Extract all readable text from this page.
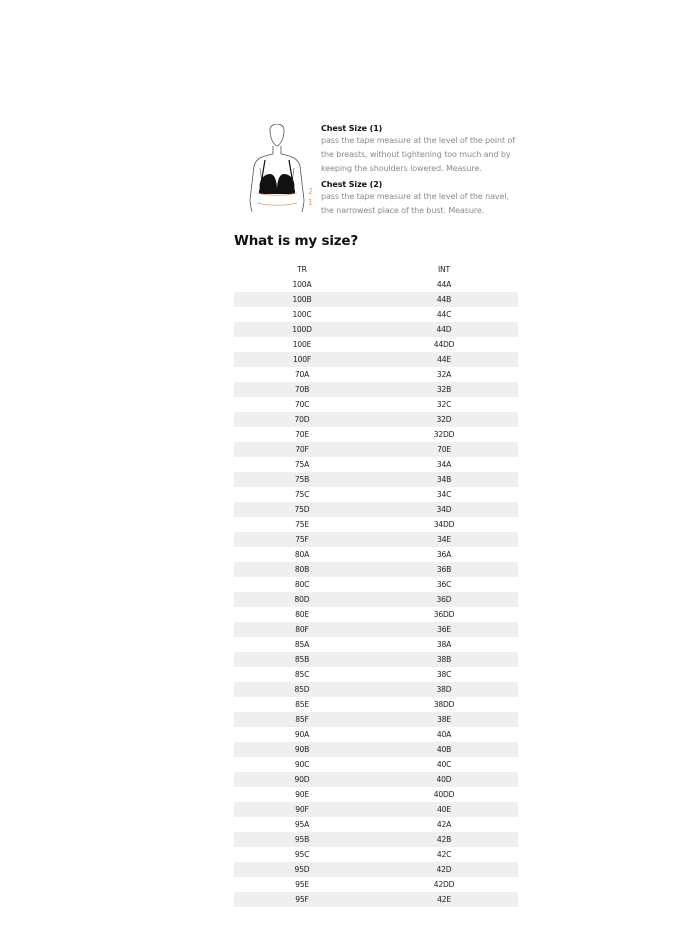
2
1
Chest Size (1)
pass the tape measure at the level of the point of
the breasts, without tightening too much and by
keeping the shoulders lowered. Measure.
Chest Size (2)
pass the tape measure at the level of the navel,
the narrowest place of the bust. Measure.
What is my size?
TR	INT
100A	44A
100B	44B
100C	44C
100D	44D
100E	44DD
100F	44E
70A	32A
70B	32B
70C	32C
70D	32D
70E	32DD
70F	70E
75A	34A
75B	34B
75C	34C
75D	34D
75E	34DD
75F	34E
80A	36A
80B	36B
80C	36C
80D	36D
80E	36DD
80F	36E
85A	38A
85B	38B
85C	38C
85D	38D
85E	38DD
85F	38E
90A	40A
90B	40B
90C	40C
90D	40D
90E	40DD
90F	40E
95A	42A
95B	42B
95C	42C
95D	42D
95E	42DD
95F	42E
